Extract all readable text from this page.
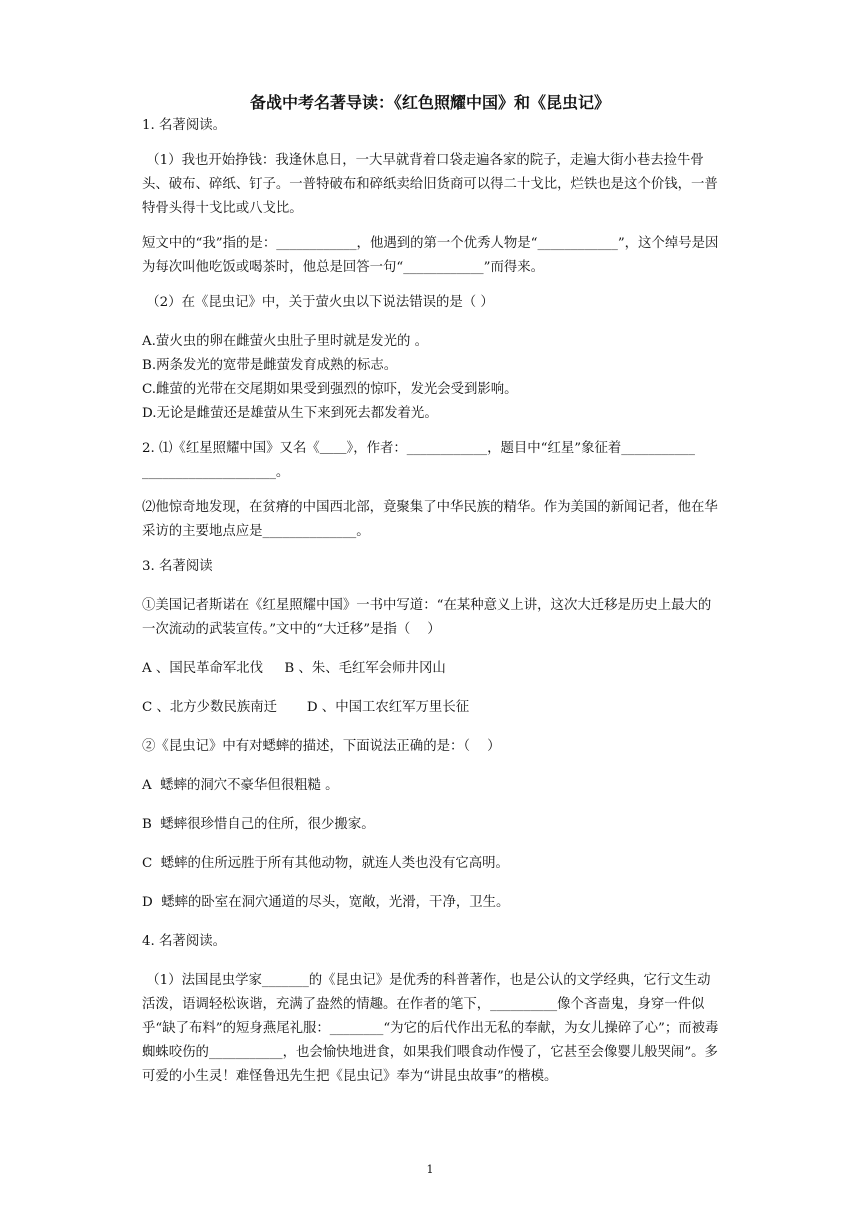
备战中考名著导读：《红色照耀中国》和《昆虫记》

1. 名著阅读。

（1）我也开始挣钱：我逢休息日，一大早就背着口袋走遍各家的院子，走遍大街小巷去捡牛骨头、破布、碎纸、钉子。一普特破布和碎纸卖给旧货商可以得二十戈比，烂铁也是这个价钱，一普特骨头得十戈比或八戈比。

短文中的“我”指的是：____________，他遇到的第一个优秀人物是“____________”，这个绰号是因为每次叫他吃饭或喝茶时，他总是回答一句“____________”而得来。

（2）在《昆虫记》中，关于萤火虫以下说法错误的是（ ）

A.萤火虫的卵在雌萤火虫肚子里时就是发光的 。

B.两条发光的宽带是雌萤发育成熟的标志。

C.雌萤的光带在交尾期如果受到强烈的惊吓，发光会受到影响。

D.无论是雌萤还是雄萤从生下来到死去都发着光。

2. ⑴《红星照耀中国》又名《＿＿》，作者：____________，题目中“红星”象征着___________ ____________________。

⑵他惊奇地发现，在贫瘠的中国西北部，竟聚集了中华民族的精华。作为美国的新闻记者，他在华采访的主要地点应是______________。

3. 名著阅读

①美国记者斯诺在《红星照耀中国》一书中写道：“在某种意义上讲，这次大迁移是历史上最大的一次流动的武装宣传。”文中的“大迁移”是指（    ）

A 、国民革命军北伐     B 、朱、毛红军会师井冈山

C 、北方少数民族南迁       D 、中国工农红军万里长征

②《昆虫记》中有对蟋蟀的描述，下面说法正确的是：（    ）

A  蟋蟀的洞穴不豪华但很粗糙 。

B  蟋蟀很珍惜自己的住所，很少搬家。

C  蟋蟀的住所远胜于所有其他动物，就连人类也没有它高明。

D  蟋蟀的卧室在洞穴通道的尽头，宽敞，光滑，干净，卫生。

4. 名著阅读。

（1）法国昆虫学家_______的《昆虫记》是优秀的科普著作，也是公认的文学经典，它行文生动活泼，语调轻松诙谐，充满了盎然的情趣。在作者的笔下，__________像个吝啬鬼，身穿一件似乎“缺了布料”的短身燕尾礼服：________“为它的后代作出无私的奉献，为女儿操碎了心”；而被毒蜘蛛咬伤的___________，也会愉快地进食，如果我们喂食动作慢了，它甚至会像婴儿般哭闹”。多可爱的小生灵！难怪鲁迅先生把《昆虫记》奉为“讲昆虫故事”的楷模。

1
